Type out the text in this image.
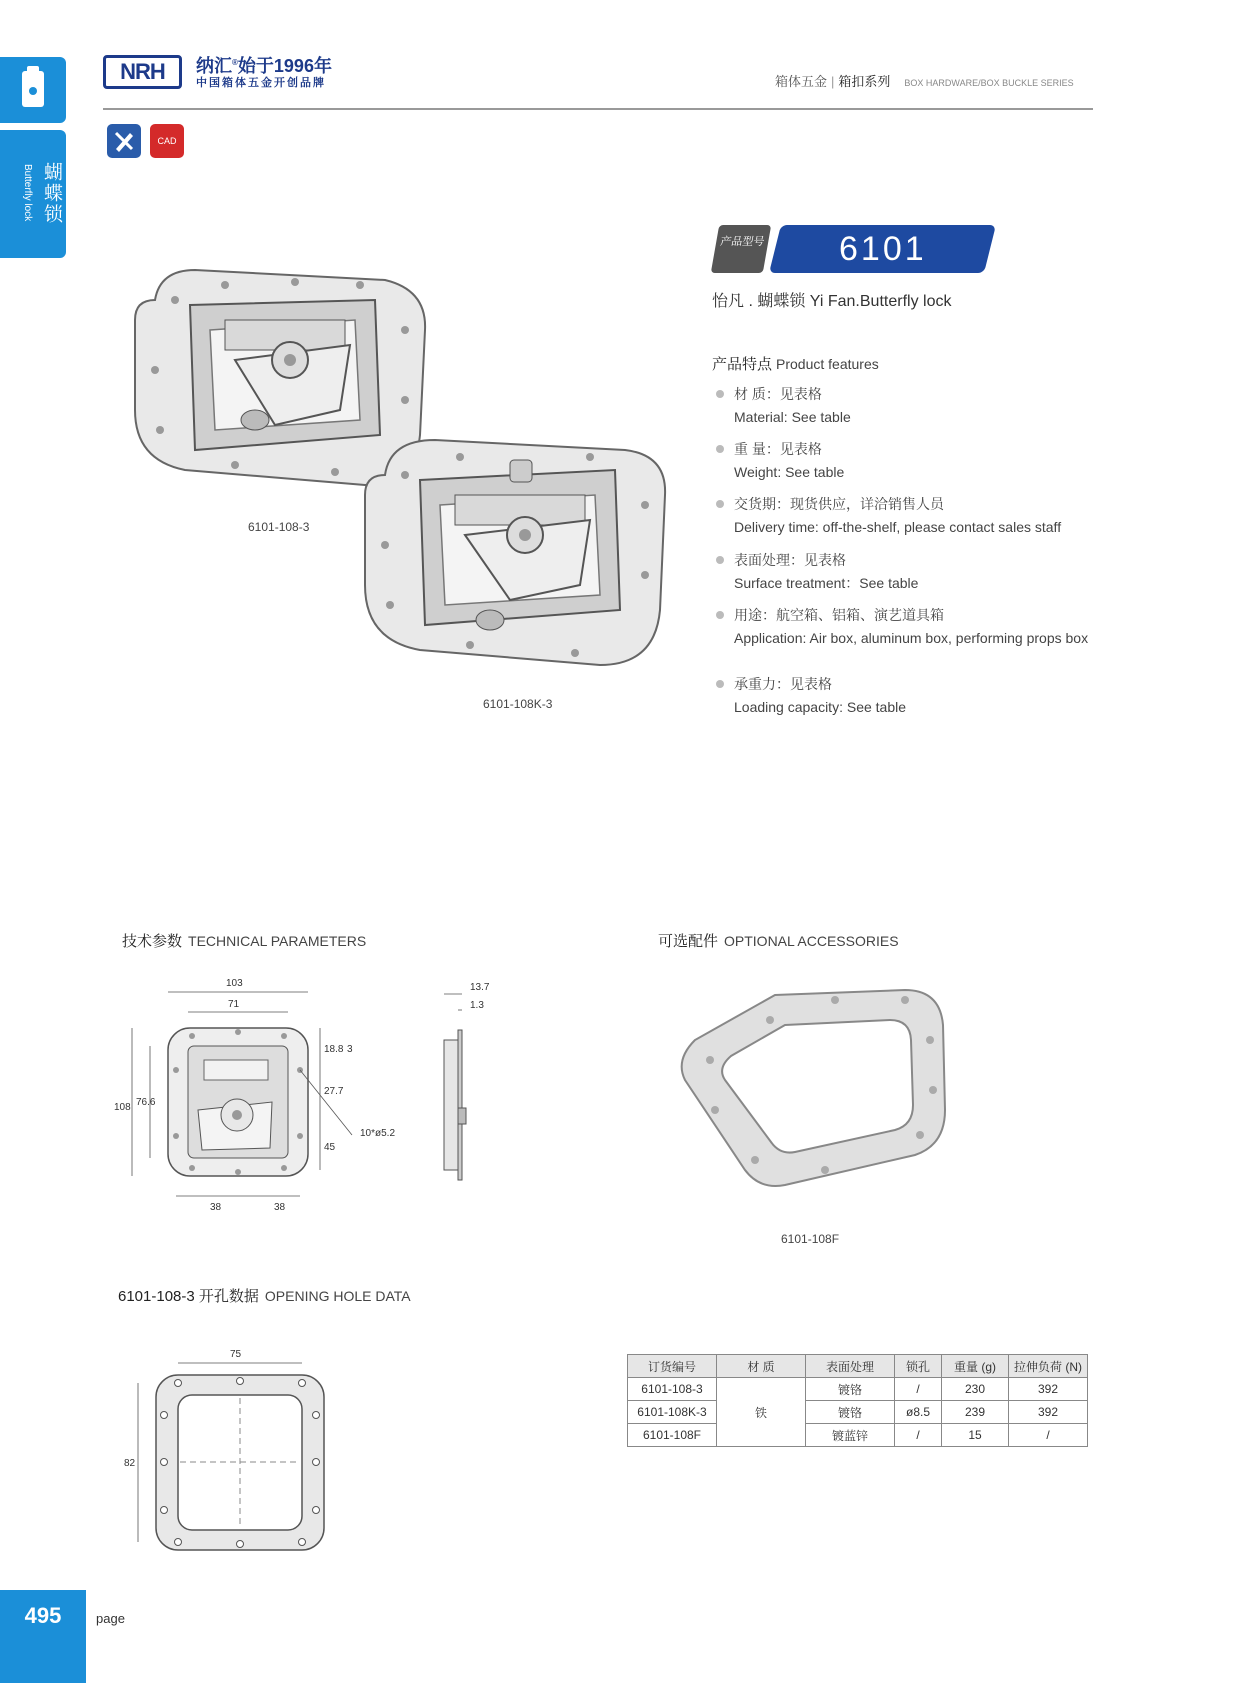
蝴蝶锁
Butterfly lock
NRH	纳汇®始于1996年
中国箱体五金开创品牌	箱体五金 | 箱扣系列 BOX HARDWARE/BOX BUCKLE SERIES
CAD
6101-108-3
6101-108K-3
产品型号	6101
怡凡 . 蝴蝶锁 Yi Fan.Butterfly lock
产品特点 Product features
材 质：见表格
Material: See table
重 量：见表格
Weight: See table
交货期：现货供应，详洽销售人员
Delivery time: off-the-shelf, please contact sales staff
表面处理：见表格
Surface treatment：See table
用途：航空箱、铝箱、演艺道具箱
Application: Air box, aluminum box, performing props box
承重力：见表格
Loading capacity: See table
技术参数 TECHNICAL PARAMETERS
103
71
108 76.6
18.8 3
27.7
45
10*ø5.2
38	38
13.7
1.3
可选配件 OPTIONAL ACCESSORIES
6101-108F
6101-108-3 开孔数据 OPENING HOLE DATA
75
82
订货编号	材 质	表面处理	锁孔	重量 (g)	拉伸负荷 (N)
6101-108-3	铁	镀铬	/	230	392
6101-108K-3		镀铬	ø8.5	239	392
6101-108F		镀蓝锌	/	15	/
495	page
